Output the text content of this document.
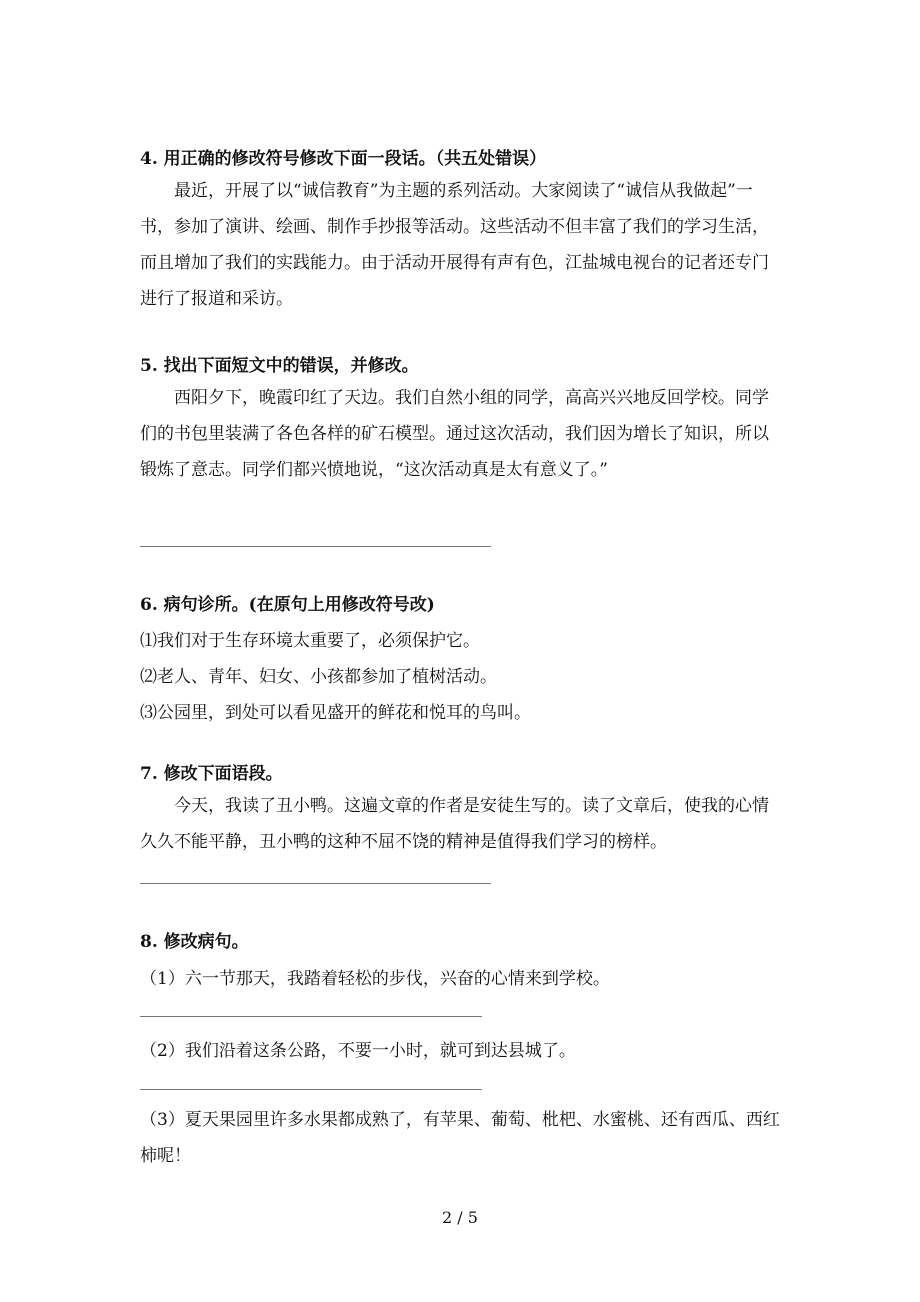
4. 用正确的修改符号修改下面一段话。（共五处错误）

最近，开展了以“诚信教育”为主题的系列活动。大家阅读了“诚信从我做起”一书，参加了演讲、绘画、制作手抄报等活动。这些活动不但丰富了我们的学习生活，而且增加了我们的实践能力。由于活动开展得有声有色，江盐城电视台的记者还专门进行了报道和采访。

5. 找出下面短文中的错误，并修改。

西阳夕下，晚霞印红了天边。我们自然小组的同学，高高兴兴地反回学校。同学们的书包里装满了各色各样的矿石模型。通过这次活动，我们因为增长了知识，所以锻炼了意志。同学们都兴愤地说，“这次活动真是太有意义了。”

6. 病句诊所。(在原句上用修改符号改)
⑴我们对于生存环境太重要了，必须保护它。
⑵老人、青年、妇女、小孩都参加了植树活动。
⑶公园里，到处可以看见盛开的鲜花和悦耳的鸟叫。
7. 修改下面语段。

今天，我读了丑小鸭。这遍文章的作者是安徒生写的。读了文章后，使我的心情久久不能平静，丑小鸭的这种不屈不饶的精神是值得我们学习的榜样。

8. 修改病句。
（1）六一节那天，我踏着轻松的步伐，兴奋的心情来到学校。
（2）我们沿着这条公路，不要一小时，就可到达县城了。

（3）夏天果园里许多水果都成熟了，有苹果、葡萄、枇杷、水蜜桃、还有西瓜、西红柿呢！

2 / 5
